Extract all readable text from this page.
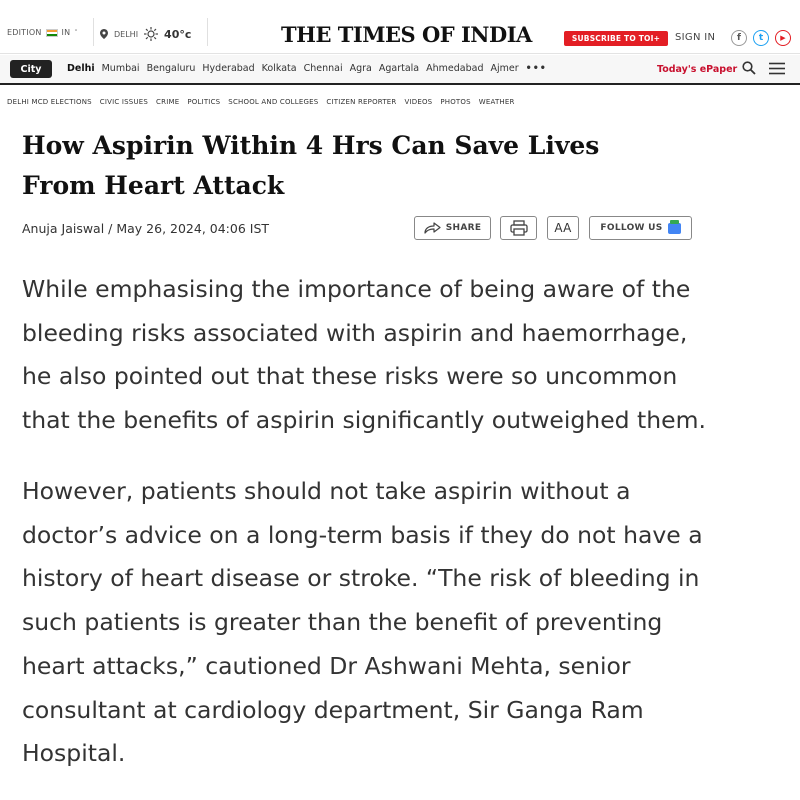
EDITION	IN ˅	DELHI 40°c	THE TIMES OF INDIA	SUBSCRIBE TO TOI+	SIGN IN	f	t	▶
City	Delhi Mumbai Bengaluru Hyderabad Kolkata Chennai Agra Agartala Ahmedabad Ajmer •••	Today's ePaper
DELHI MCD ELECTIONS CIVIC ISSUES CRIME POLITICS SCHOOL AND COLLEGES CITIZEN REPORTER VIDEOS PHOTOS WEATHER
How Aspirin Within 4 Hrs Can Save Lives
From Heart Attack
Anuja Jaiswal / May 26, 2024, 04:06 IST	SHARE	AA	FOLLOW US
While emphasising the importance of being aware of the
bleeding risks associated with aspirin and haemorrhage,
he also pointed out that these risks were so uncommon
that the benefits of aspirin significantly outweighed them.
However, patients should not take aspirin without a
doctor’s advice on a long-term basis if they do not have a
history of heart disease or stroke. “The risk of bleeding in
such patients is greater than the benefit of preventing
heart attacks,” cautioned Dr Ashwani Mehta, senior
consultant at cardiology department, Sir Ganga Ram
Hospital.
